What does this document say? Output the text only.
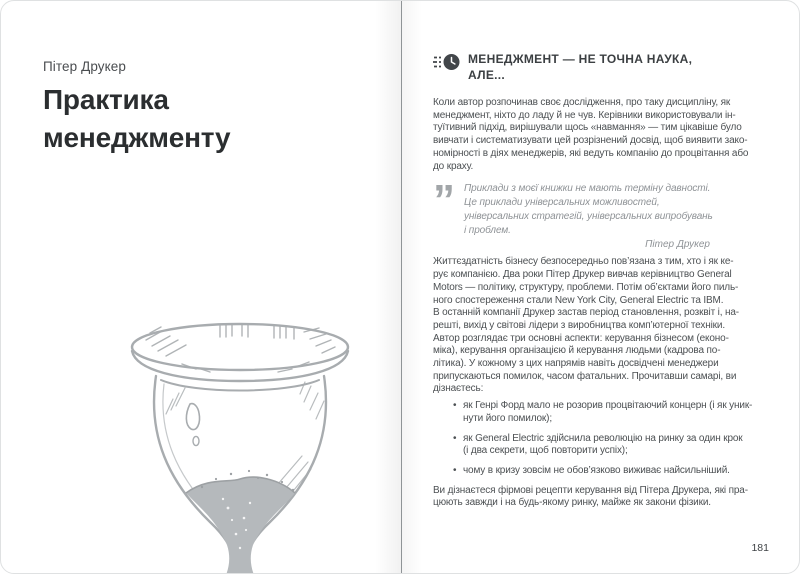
Пітер Друкер
Практика
менеджменту
МЕНЕДЖМЕНТ — НЕ ТОЧНА НАУКА,
АЛЕ...
Коли автор розпочинав своє дослідження, про таку дисципліну, як
менеджмент, ніхто до ладу й не чув. Керівники використовували ін-
туїтивний підхід, вирішували щось «навмання» — тим цікавіше було
вивчати і систематизувати цей розрізнений досвід, щоб виявити зако-
номірності в діях менеджерів, які ведуть компанію до процвітання або
до краху.
” Приклади з моєї книжки не мають терміну давності.
Це приклади універсальних можливостей,
універсальних стратегій, універсальних випробувань
і проблем.
Пітер Друкер
Життєздатність бізнесу безпосередньо пов’язана з тим, хто і як ке-
рує компанією. Два роки Пітер Друкер вивчав керівництво General
Motors — політику, структуру, проблеми. Потім об’єктами його пиль-
ного спостереження стали New York City, General Electric та IBM.
В останній компанії Друкер застав період становлення, розквіт і, на-
решті, вихід у світові лідери з виробництва комп’ютерної техніки.
Автор розглядає три основні аспекти: керування бізнесом (еконо-
міка), керування організацією й керування людьми (кадрова по-
літика). У кожному з цих напрямів навіть досвідчені менеджери
припускаються помилок, часом фатальних. Прочитавши самарі, ви
дізнаєтесь:
• як Генрі Форд мало не розорив процвітаючий концерн (і як уник-
нути його помилок);
• як General Electric здійснила революцію на ринку за один крок
(і два секрети, щоб повторити успіх);
• чому в кризу зовсім не обов’язково виживає найсильніший.
Ви дізнаєтеся фірмові рецепти керування від Пітера Друкера, які пра-
цюють завжди і на будь-якому ринку, майже як закони фізики.
181
